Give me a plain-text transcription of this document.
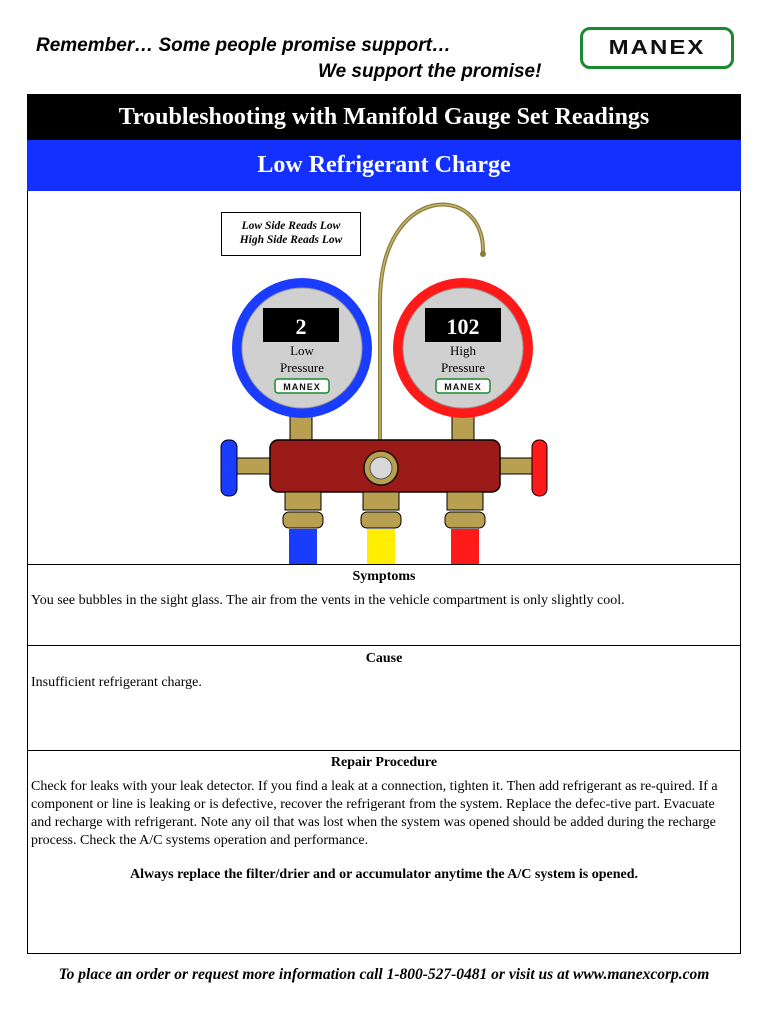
Remember… Some people promise support…
We support the promise!
MANEX
Troubleshooting with Manifold Gauge Set Readings
Low Refrigerant Charge
2
Low
Pressure
MANEX
102
High
Pressure
MANEX
Low Side Reads Low
High Side Reads Low
Symptoms
You see bubbles in the sight glass. The air from the vents in the vehicle compartment is only slightly cool.
Cause
Insufficient refrigerant charge.
Repair Procedure
Check for leaks with your leak detector. If you find a leak at a connection, tighten it. Then add refrigerant as re-quired. If a component or line is leaking or is defective, recover the refrigerant from the system. Replace the defec-tive part. Evacuate and recharge with refrigerant. Note any oil that was lost when the system was opened should be added during the recharge process. Check the A/C systems operation and performance.
Always replace the filter/drier and or accumulator anytime the A/C system is opened.
To place an order or request more information call 1-800-527-0481 or visit us at www.manexcorp.com
